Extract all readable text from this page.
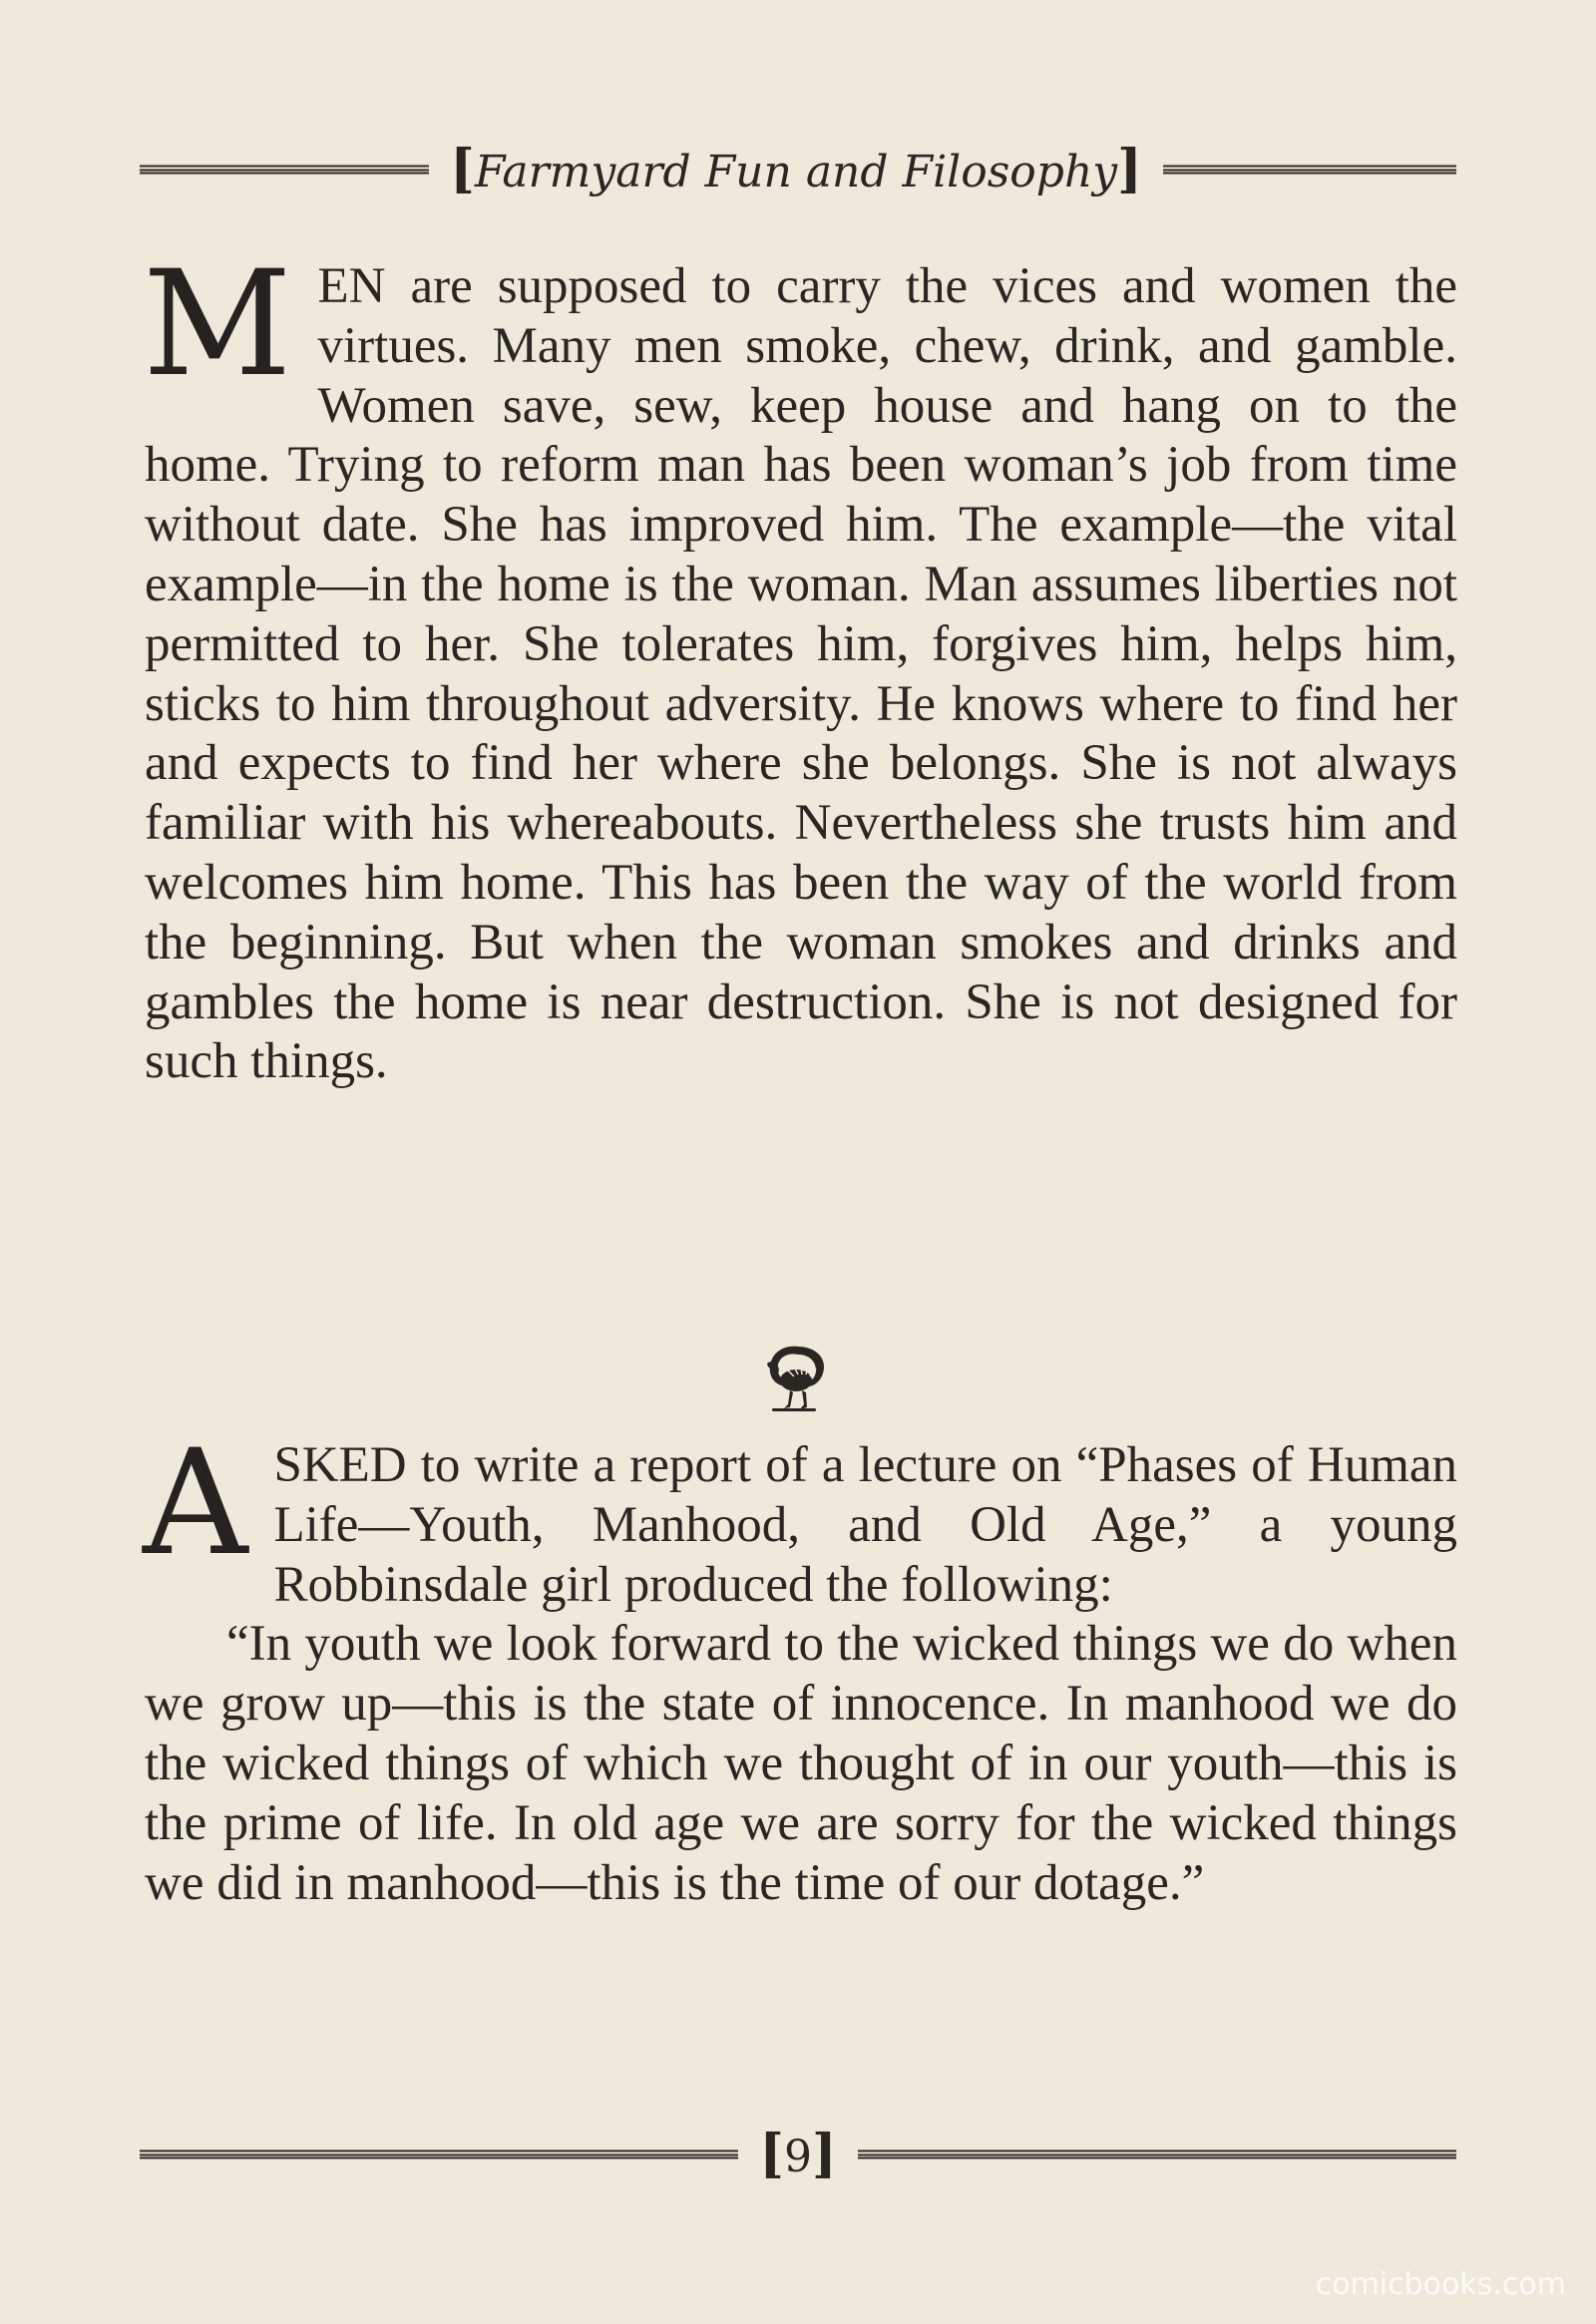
[Farmyard Fun and Filosophy]
MEN are supposed to carry the vices and women the virtues. Many men smoke, chew, drink, and gamble. Women save, sew, keep house and hang on to the home. Trying to reform man has been woman’s job from time without date. She has improved him. The example—the vital example—in the home is the woman. Man assumes liberties not permitted to her. She tolerates him, forgives him, helps him, sticks to him throughout adversity. He knows where to find her and expects to find her where she belongs. She is not always familiar with his whereabouts. Nevertheless she trusts him and welcomes him home. This has been the way of the world from the beginning. But when the woman smokes and drinks and gambles the home is near destruction. She is not designed for such things.
ASKED to write a report of a lecture on “Phases of Human Life—Youth, Manhood, and Old Age,” a young Robbinsdale girl produced the following:
“In youth we look forward to the wicked things we do when we grow up—this is the state of innocence. In manhood we do the wicked things of which we thought of in our youth—this is the prime of life. In old age we are sorry for the wicked things we did in manhood—this is the time of our dotage.”
[9]
comicbooks.com
